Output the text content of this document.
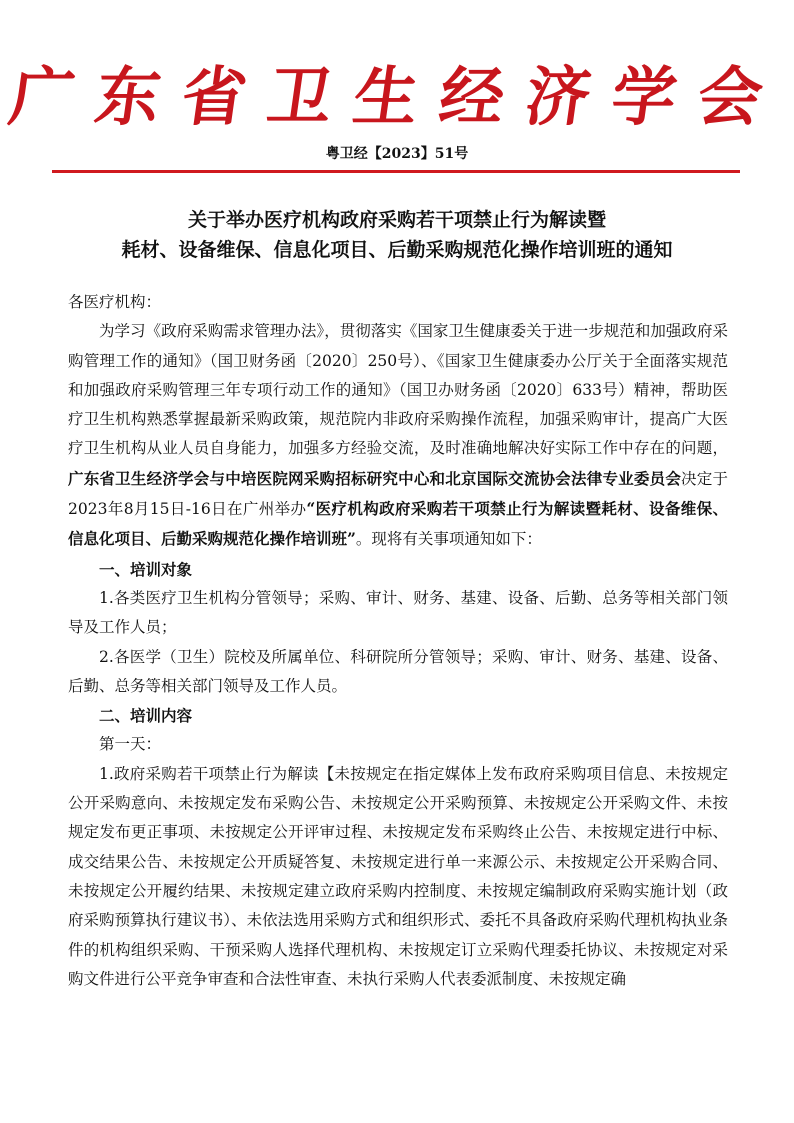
广东省卫生经济学会
粤卫经【2023】51号
关于举办医疗机构政府采购若干项禁止行为解读暨
耗材、设备维保、信息化项目、后勤采购规范化操作培训班的通知

各医疗机构：

为学习《政府采购需求管理办法》，贯彻落实《国家卫生健康委关于进一步规范和加强政府采购管理工作的通知》（国卫财务函〔2020〕250号）、《国家卫生健康委办公厅关于全面落实规范和加强政府采购管理三年专项行动工作的通知》（国卫办财务函〔2020〕633号）精神，帮助医疗卫生机构熟悉掌握最新采购政策，规范院内非政府采购操作流程，加强采购审计，提高广大医疗卫生机构从业人员自身能力，加强多方经验交流，及时准确地解决好实际工作中存在的问题，广东省卫生经济学会与中培医院网采购招标研究中心和北京国际交流协会法律专业委员会决定于2023年8月15日-16日在广州举办“医疗机构政府采购若干项禁止行为解读暨耗材、设备维保、信息化项目、后勤采购规范化操作培训班”。现将有关事项通知如下：

一、培训对象

1.各类医疗卫生机构分管领导；采购、审计、财务、基建、设备、后勤、总务等相关部门领导及工作人员；

2.各医学（卫生）院校及所属单位、科研院所分管领导；采购、审计、财务、基建、设备、后勤、总务等相关部门领导及工作人员。

二、培训内容

第一天：

1.政府采购若干项禁止行为解读【未按规定在指定媒体上发布政府采购项目信息、未按规定公开采购意向、未按规定发布采购公告、未按规定公开采购预算、未按规定公开采购文件、未按规定发布更正事项、未按规定公开评审过程、未按规定发布采购终止公告、未按规定进行中标、成交结果公告、未按规定公开质疑答复、未按规定进行单一来源公示、未按规定公开采购合同、未按规定公开履约结果、未按规定建立政府采购内控制度、未按规定编制政府采购实施计划（政府采购预算执行建议书）、未依法选用采购方式和组织形式、委托不具备政府采购代理机构执业条件的机构组织采购、干预采购人选择代理机构、未按规定订立采购代理委托协议、未按规定对采购文件进行公平竞争审查和合法性审查、未执行采购人代表委派制度、未按规定确
